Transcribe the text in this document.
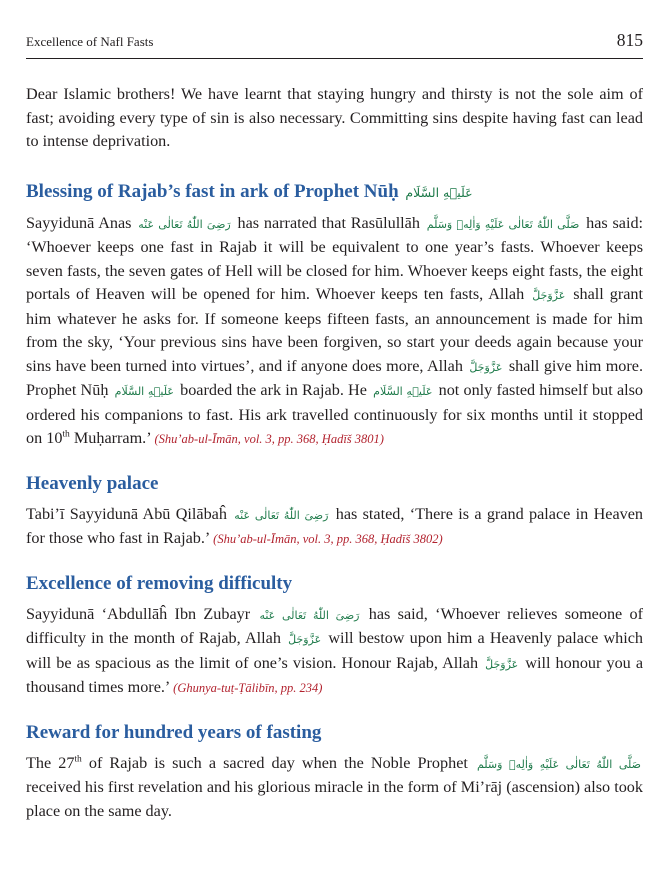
Excellence of Nafl Fasts	815

Dear Islamic brothers! We have learnt that staying hungry and thirsty is not the sole aim of fast; avoiding every type of sin is also necessary. Committing sins despite having fast can lead to intense deprivation.

Blessing of Rajab’s fast in ark of Prophet Nūḥ عَلَيۡهِ السَّلَام

Sayyidunā Anas رَضِىَ اللّٰهُ تَعَالٰی عَنْه has narrated that Rasūlullāh صَلَّى اللّٰهُ تَعَالٰى عَلَيْهِ وَاٰلِهٖ وَسَلَّم has said: ‘Whoever keeps one fast in Rajab it will be equivalent to one year’s fasts. Whoever keeps seven fasts, the seven gates of Hell will be closed for him. Whoever keeps eight fasts, the eight portals of Heaven will be opened for him. Whoever keeps ten fasts, Allah عَزَّوَجَلَّ shall grant him whatever he asks for. If someone keeps fifteen fasts, an announcement is made for him from the sky, ‘Your previous sins have been forgiven, so start your deeds again because your sins have been turned into virtues’, and if anyone does more, Allah عَزَّوَجَلَّ shall give him more. Prophet Nūḥ عَلَيۡهِ السَّلَام boarded the ark in Rajab. He عَلَيۡهِ السَّلَام not only fasted himself but also ordered his companions to fast. His ark travelled continuously for six months until it stopped on 10th Muḥarram.’ (Shu’ab-ul-Īmān, vol. 3, pp. 368, Ḥadīš 3801)

Heavenly palace

Tabi’ī Sayyidunā Abū Qilābaĥ رَضِىَ اللّٰهُ تَعَالٰی عَنْه has stated, ‘There is a grand palace in Heaven for those who fast in Rajab.’ (Shu’ab-ul-Īmān, vol. 3, pp. 368, Ḥadīš 3802)

Excellence of removing difficulty

Sayyidunā ‘Abdullāĥ Ibn Zubayr رَضِىَ اللّٰهُ تَعَالٰی عَنْه has said, ‘Whoever relieves someone of difficulty in the month of Rajab, Allah عَزَّوَجَلَّ will bestow upon him a Heavenly palace which will be as spacious as the limit of one’s vision. Honour Rajab, Allah عَزَّوَجَلَّ will honour you a thousand times more.’ (Ghunya-tuṭ-Ṭālibīn, pp. 234)

Reward for hundred years of fasting

The 27th of Rajab is such a sacred day when the Noble Prophet صَلَّى اللّٰهُ تَعَالٰى عَلَيْهِ وَاٰلِهٖ وَسَلَّم received his first revelation and his glorious miracle in the form of Mi’rāj (ascension) also took place on the same day.
